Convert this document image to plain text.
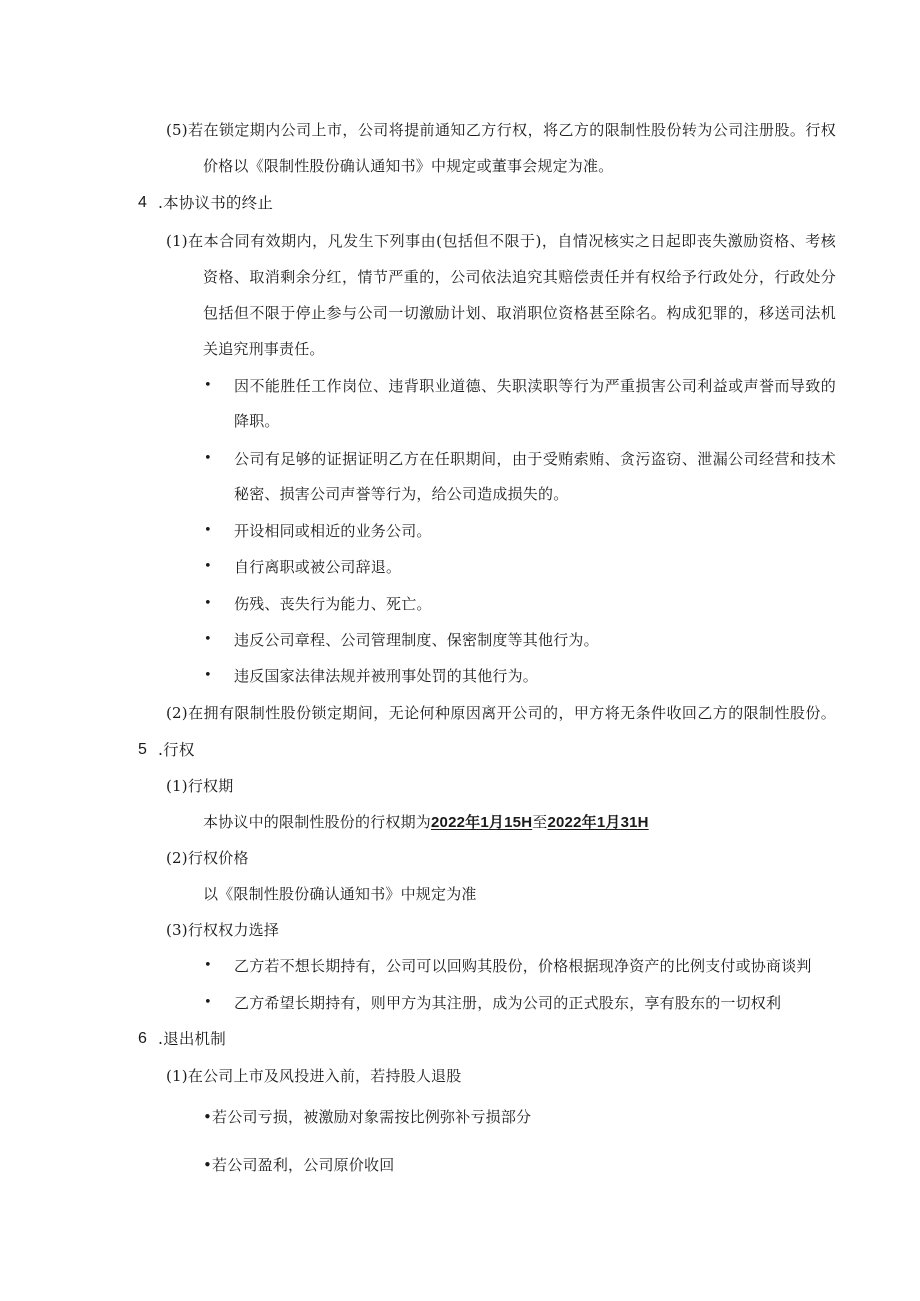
(5)若在锁定期内公司上市，公司将提前通知乙方行权，将乙方的限制性股份转为公司注册股。行权
价格以《限制性股份确认通知书》中规定或董事会规定为准。
4 .本协议书的终止
(1)在本合同有效期内，凡发生下列事由(包括但不限于)，自情况核实之日起即丧失激励资格、考核
资格、取消剩余分红，情节严重的，公司依法追究其赔偿责任并有权给予行政处分，行政处分
包括但不限于停止参与公司一切激励计划、取消职位资格甚至除名。构成犯罪的，移送司法机
关追究刑事责任。
• 因不能胜任工作岗位、违背职业道德、失职渎职等行为严重损害公司利益或声誉而导致的
降职。
• 公司有足够的证据证明乙方在任职期间，由于受贿索贿、贪污盗窃、泄漏公司经营和技术
秘密、损害公司声誉等行为，给公司造成损失的。
• 开设相同或相近的业务公司。
• 自行离职或被公司辞退。
• 伤残、丧失行为能力、死亡。
• 违反公司章程、公司管理制度、保密制度等其他行为。
• 违反国家法律法规并被刑事处罚的其他行为。
(2)在拥有限制性股份锁定期间，无论何种原因离开公司的，甲方将无条件收回乙方的限制性股份。
5 .行权
(1)行权期
本协议中的限制性股份的行权期为2022年1月15H至2022年1月31H
(2)行权价格
以《限制性股份确认通知书》中规定为准
(3)行权权力选择
• 乙方若不想长期持有，公司可以回购其股份，价格根据现净资产的比例支付或协商谈判
• 乙方希望长期持有，则甲方为其注册，成为公司的正式股东，享有股东的一切权利
6 .退出机制
(1)在公司上市及风投进入前，若持股人退股
•若公司亏损，被激励对象需按比例弥补亏损部分
•若公司盈利，公司原价收回
